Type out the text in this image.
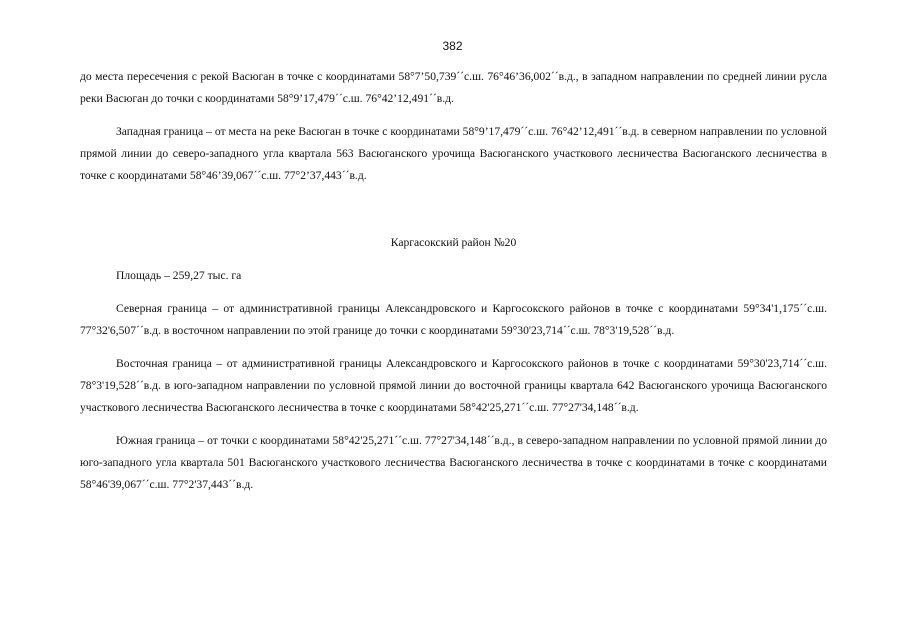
382

до места пересечения с рекой Васюган в точке с координатами 58°7’50,739´´с.ш. 76°46’36,002´´в.д., в западном направлении по средней линии русла реки Васюган до точки с координатами 58°9’17,479´´с.ш. 76°42’12,491´´в.д.

Западная граница – от места на реке Васюган в точке с координатами 58°9’17,479´´с.ш. 76°42’12,491´´в.д. в северном направлении по условной прямой линии до северо-западного угла квартала 563 Васюганского урочища Васюганского участкового лесничества Васюганского лесничества в точке с координатами 58°46’39,067´´с.ш. 77°2’37,443´´в.д.

Каргасокский район №20

Площадь – 259,27 тыс. га

Северная граница – от административной границы Александровского и Каргосокского районов в точке с координатами 59°34'1,175´´с.ш. 77°32'6,507´´в.д. в восточном направлении по этой границе до точки с координатами 59°30'23,714´´с.ш. 78°3'19,528´´в.д.

Восточная граница – от административной границы Александровского и Каргосокского районов в точке с координатами 59°30'23,714´´с.ш. 78°3'19,528´´в.д. в юго-западном направлении по условной прямой линии до восточной границы квартала 642 Васюганского урочища Васюганского участкового лесничества Васюганского лесничества в точке с координатами 58°42'25,271´´с.ш. 77°27'34,148´´в.д.

Южная граница – от точки с координатами 58°42'25,271´´с.ш. 77°27'34,148´´в.д., в северо-западном направлении по условной прямой линии до юго-западного угла квартала 501 Васюганского участкового лесничества Васюганского лесничества в точке с координатами в точке с координатами 58°46'39,067´´с.ш. 77°2'37,443´´в.д.
